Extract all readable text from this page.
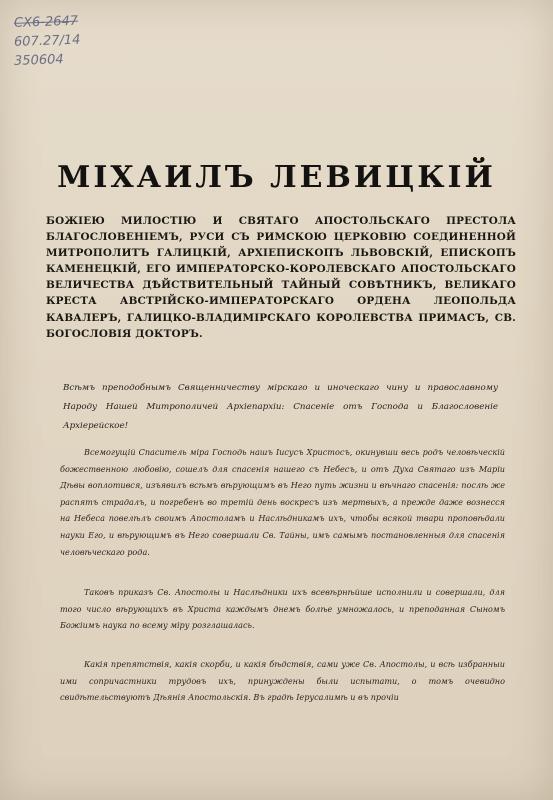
СХ6-2647
607.27/14
350604
МІХАИЛЪ ЛЕВИЦКІЙ
БОЖІЕЮ МИЛОСТІЮ И СВЯТАГО АПОСТОЛЬСКАГО ПРЕСТОЛА БЛАГОСЛОВЕНІЕМЪ, РУСИ СЪ РИМСКОЮ ЦЕРКОВІЮ СОЕДИНЕННОЙ МИТРОПОЛИТЪ ГАЛИЦКІЙ, АРХІЕПИСКОПЪ ЛЬВОВСКІЙ, ЕПИСКОПЪ КАМЕНЕЦКІЙ, ЕГО ИМПЕРАТОРСКО-КОРОЛЕВСКАГО АПОСТОЛЬСКАГО ВЕЛИЧЕСТВА ДѢЙСТВИТЕЛЬНЫЙ ТАЙНЫЙ СОВѢТНИКЪ, ВЕЛИКАГО КРЕСТА АВСТРІЙСКО-ИМПЕРАТОРСКАГО ОРДЕНА ЛЕОПОЛЬДА КАВАЛЕРЪ, ГАЛИЦКО-ВЛАДИМІРСКАГО КОРОЛЕВСТВА ПРИМАСЪ, СВ. БОГОСЛОВІЯ ДОКТОРЪ.
Всѣмъ преподобнымъ Священничеству мірскаго и иноческаго чину и православному Народу Нашей Митрополичей Архіепархіи: Спасеніе отъ Господа и Благословеніе Архіерейское!
Всемогущій Спаситель міра Господь нашъ Іисусъ Христосъ, окинувши весь родъ человѣческій божественною любовію, сошелъ для спасенія нашего съ Небесъ, и отъ Духа Святаго изъ Маріи Дѣвы воплотився, изъявилъ всѣмъ вѣрующимъ въ Него путь жизни и вѣчнаго спасенія: послѣ же распятъ страдалъ, и погребенъ во третій день воскресъ изъ мертвыхъ, а прежде даже вознесся на Небеса повелѣлъ своимъ Апостоламъ и Наслѣдникамъ ихъ, чтобы всякой твари проповѣдали науки Его, и вѣрующимъ въ Него совершали Св. Тайны, имъ самымъ постановленныя для спасенія человѣческаго рода.
Таковъ приказъ Св. Апостолы и Наслѣдники ихъ всевѣрнѣйше исполнили и совершали, для того число вѣрующихъ въ Христа каждымъ днемъ болѣе умножалось, и преподанная Сыномъ Божіимъ наука по всему міру розглашалась.
Какія препятствія, какія скорби, и какія бѣдствія, сами уже Св. Апостолы, и всѣ избранныи ими сопричастники трудовъ ихъ, принуждены были испытати, о томъ очевидно свидѣтельствуютъ Дѣянія Апостольскія. Въ градѣ Іерусалимѣ и въ прочіи
